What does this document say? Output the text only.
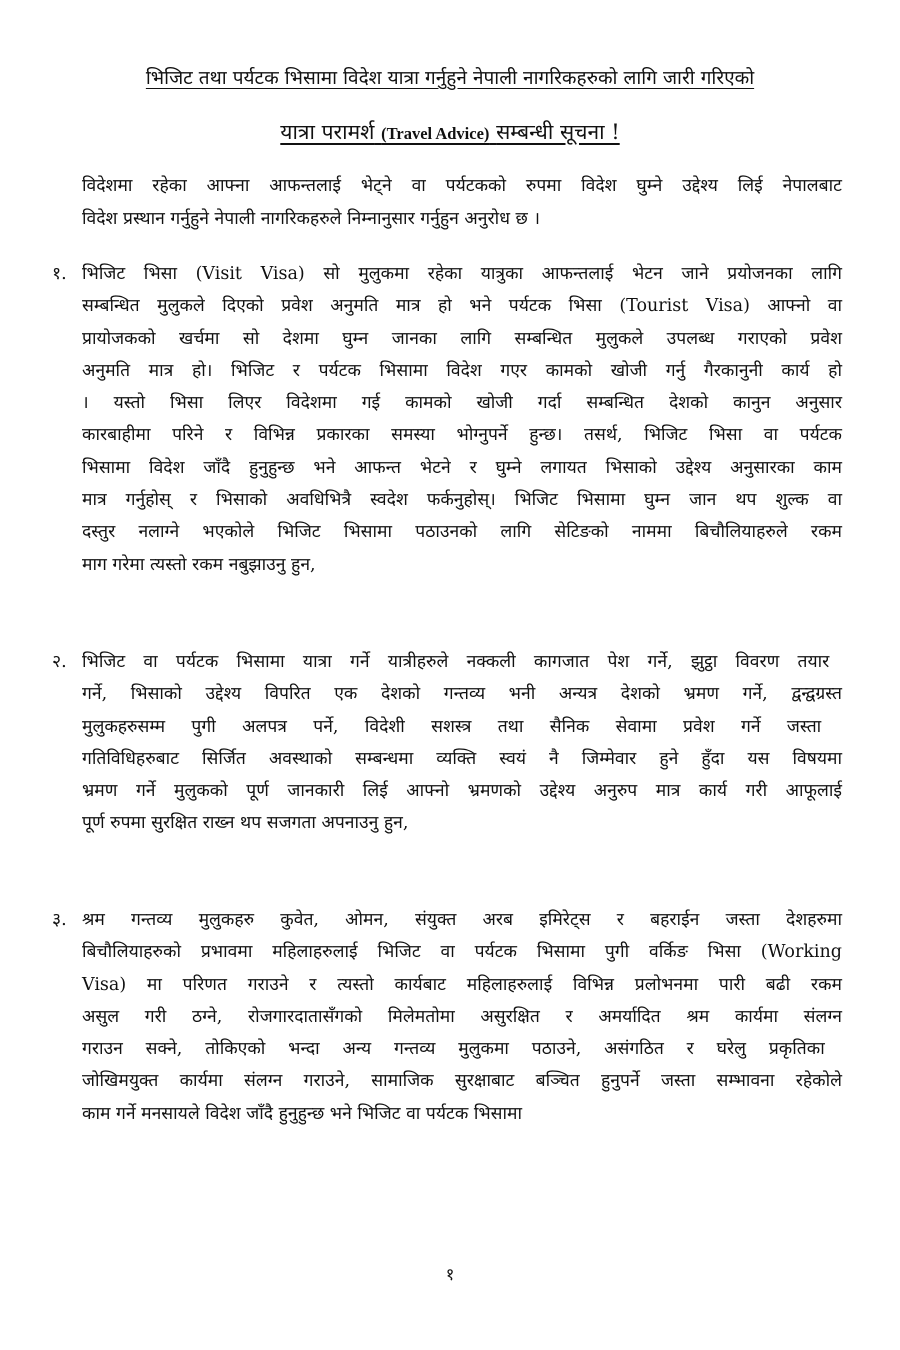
भिजिट तथा पर्यटक भिसामा विदेश यात्रा गर्नुहुने नेपाली नागरिकहरुको लागि जारी गरिएको
यात्रा परामर्श (Travel Advice) सम्बन्धी सूचना !
विदेशमा रहेका आफ्ना आफन्तलाई भेट्ने वा पर्यटकको रुपमा विदेश घुम्ने उद्देश्य लिई नेपालबाट
विदेश प्रस्थान गर्नुहुने नेपाली नागरिकहरुले निम्नानुसार गर्नुहुन अनुरोध छ ।
१. भिजिट भिसा (Visit Visa) सो मुलुकमा रहेका यात्रुका आफन्तलाई भेटन जाने प्रयोजनका लागि
सम्बन्धित मुलुकले दिएको प्रवेश अनुमति मात्र हो भने पर्यटक भिसा (Tourist Visa) आफ्नो वा
प्रायोजकको खर्चमा सो देशमा घुम्न जानका लागि सम्बन्धित मुलुकले उपलब्ध गराएको प्रवेश
अनुमति मात्र हो। भिजिट र पर्यटक भिसामा विदेश गएर कामको खोजी गर्नु गैरकानुनी कार्य हो
। यस्तो भिसा लिएर विदेशमा गई कामको खोजी गर्दा सम्बन्धित देशको कानुन अनुसार
कारबाहीमा परिने र विभिन्न प्रकारका समस्या भोग्नुपर्ने हुन्छ। तसर्थ, भिजिट भिसा वा पर्यटक
भिसामा विदेश जाँदै हुनुहुन्छ भने आफन्त भेटने र घुम्ने लगायत भिसाको उद्देश्य अनुसारका काम
मात्र गर्नुहोस् र भिसाको अवधिभित्रै स्वदेश फर्कनुहोस्। भिजिट भिसामा घुम्न जान थप शुल्क वा
दस्तुर नलाग्ने भएकोले भिजिट भिसामा पठाउनको लागि सेटिङको नाममा बिचौलियाहरुले रकम
माग गरेमा त्यस्तो रकम नबुझाउनु हुन,
२. भिजिट वा पर्यटक भिसामा यात्रा गर्ने यात्रीहरुले नक्कली कागजात पेश गर्ने, झुट्ठा विवरण तयार
गर्ने, भिसाको उद्देश्य विपरित एक देशको गन्तव्य भनी अन्यत्र देशको भ्रमण गर्ने, द्वन्द्वग्रस्त
मुलुकहरुसम्म पुगी अलपत्र पर्ने, विदेशी सशस्त्र तथा सैनिक सेवामा प्रवेश गर्ने जस्ता
गतिविधिहरुबाट सिर्जित अवस्थाको सम्बन्धमा व्यक्ति स्वयं नै जिम्मेवार हुने हुँदा यस विषयमा
भ्रमण गर्ने मुलुकको पूर्ण जानकारी लिई आफ्नो भ्रमणको उद्देश्य अनुरुप मात्र कार्य गरी आफूलाई
पूर्ण रुपमा सुरक्षित राख्न थप सजगता अपनाउनु हुन,
३. श्रम गन्तव्य मुलुकहरु कुवेत, ओमन, संयुक्त अरब इमिरेट्स र बहराईन जस्ता देशहरुमा
बिचौलियाहरुको प्रभावमा महिलाहरुलाई भिजिट वा पर्यटक भिसामा पुगी वर्किङ भिसा (Working
Visa) मा परिणत गराउने र त्यस्तो कार्यबाट महिलाहरुलाई विभिन्न प्रलोभनमा पारी बढी रकम
असुल गरी ठग्ने, रोजगारदातासँगको मिलेमतोमा असुरक्षित र अमर्यादित श्रम कार्यमा संलग्न
गराउन सक्ने, तोकिएको भन्दा अन्य गन्तव्य मुलुकमा पठाउने, असंगठित र घरेलु प्रकृतिका
जोखिमयुक्त कार्यमा संलग्न गराउने, सामाजिक सुरक्षाबाट बञ्चित हुनुपर्ने जस्ता सम्भावना रहेकोले
काम गर्ने मनसायले विदेश जाँदै हुनुहुन्छ भने भिजिट वा पर्यटक भिसामा
१
